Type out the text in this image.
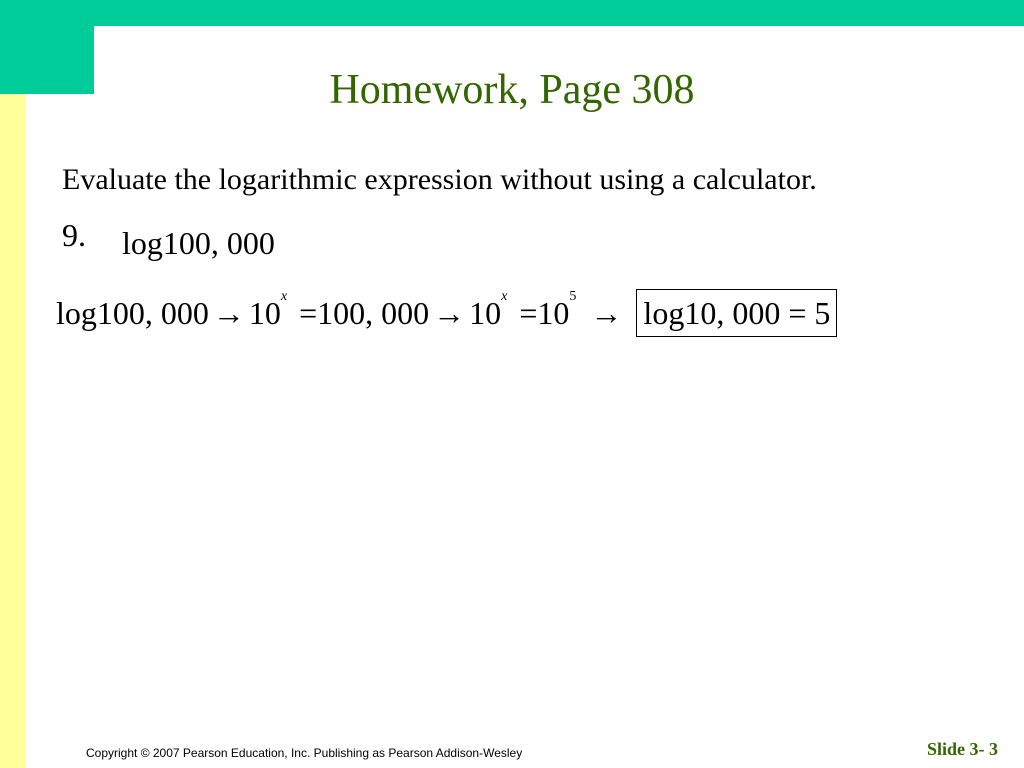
Homework, Page 308
Evaluate the logarithmic expression without using a calculator.
9. log100, 000
log100, $000 \to 10^x =100$, $000 \to 10^x =10^5 \to \log 10$, 000 = 5
Copyright © 2007 Pearson Education, Inc. Publishing as Pearson Addison-Wesley	Slide 3- 3
